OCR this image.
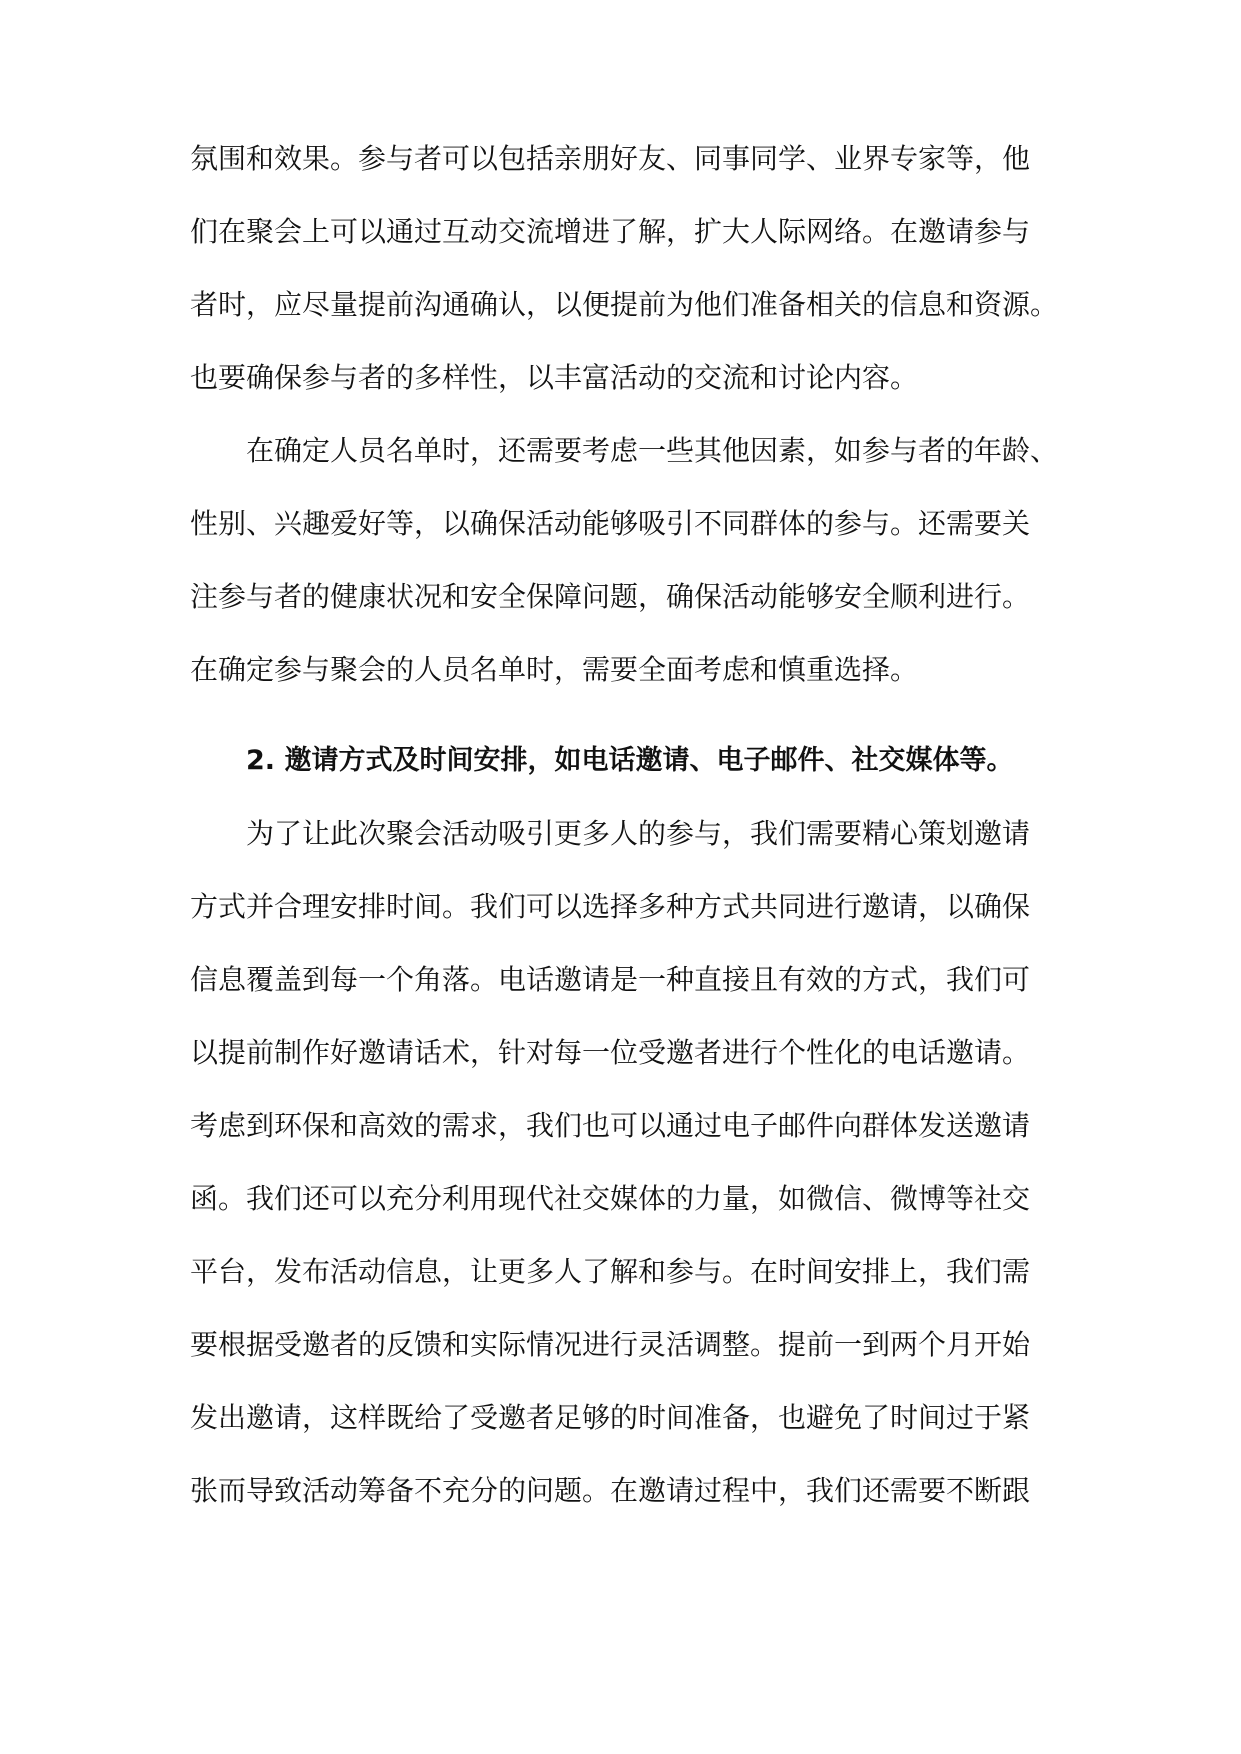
氛围和效果。参与者可以包括亲朋好友、同事同学、业界专家等，他
们在聚会上可以通过互动交流增进了解，扩大人际网络。在邀请参与
者时，应尽量提前沟通确认，以便提前为他们准备相关的信息和资源。
也要确保参与者的多样性，以丰富活动的交流和讨论内容。
在确定人员名单时，还需要考虑一些其他因素，如参与者的年龄、
性别、兴趣爱好等，以确保活动能够吸引不同群体的参与。还需要关
注参与者的健康状况和安全保障问题，确保活动能够安全顺利进行。
在确定参与聚会的人员名单时，需要全面考虑和慎重选择。
2. 邀请方式及时间安排，如电话邀请、电子邮件、社交媒体等。
为了让此次聚会活动吸引更多人的参与，我们需要精心策划邀请
方式并合理安排时间。我们可以选择多种方式共同进行邀请，以确保
信息覆盖到每一个角落。电话邀请是一种直接且有效的方式，我们可
以提前制作好邀请话术，针对每一位受邀者进行个性化的电话邀请。
考虑到环保和高效的需求，我们也可以通过电子邮件向群体发送邀请
函。我们还可以充分利用现代社交媒体的力量，如微信、微博等社交
平台，发布活动信息，让更多人了解和参与。在时间安排上，我们需
要根据受邀者的反馈和实际情况进行灵活调整。提前一到两个月开始
发出邀请，这样既给了受邀者足够的时间准备，也避免了时间过于紧
张而导致活动筹备不充分的问题。在邀请过程中，我们还需要不断跟
